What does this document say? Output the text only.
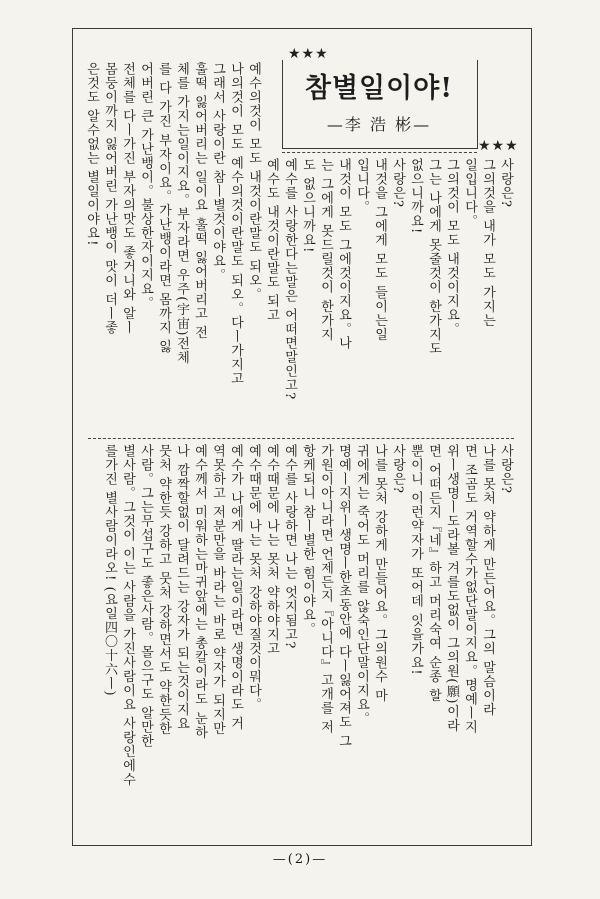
★★★
★★★
참별일이야!
—李 浩 彬—
사랑은?
그의것을 내가 모도 가지는
일입니다。
그의것이 모도 내것이지요。
그는 나에게 못줄것이 한가지도
없으니까요!
사랑은?
내것을 그에게 모도 들이는일
입니다。
내것이 모도 그에것이지요。나
는 그에게 못드릴것이 한가지
도 없으니까요!
예수를 사랑한다는말은 어떠면말인고?
예수도 내것이란말도 되고
예수의것이 모도 내것이란말도 되오。
나의것이 모도 예수의것이란말도 되오。다ㅣ가지고
그래서 사랑이란 참ㅣ별것이야요。
훌떡 잃어버리는 일이요 훌떡 잃어버리고 전
체를 가지는일이지요。부자라면 우주(宇宙)전체
를 다 가진 부자이요。가난뱅이라면 몸까지 잃
어버린 큰 가난뱅이。불상한자이지요。
전체를 다ㅣ가진 부자의맛도 좋거니와 알ㅣ
몸둥이까지 잃어버린 가난뱅이 맛이 더ㅣ좋
은것도 알수없는 별일이야요!
사랑은?
나를 못처 약하게 만든어요。그의 말슴이라
면 조곰도 거역할수가없단말이지요。명예ㅣ지
위ㅣ생명ㅣ도라볼 겨를도없이 그의원(願)이라
면 어떠든지『네』하고 머리숙여 순종 할
뿐이니 이런약자가 또어데 잇을가요!
사랑은?
나를 못처 강하게 만들어요。그의원수 마
귀에게는 죽어도 머리를 않숙인단말이지요。
명예ㅣ지위ㅣ생명ㅣ한초동안에 다ㅣ잃어져도 그
가원이아니라면 언제든지『아니다』고개를 저
항케되니 참ㅣ별한 힘이야요。
예수를 사랑하면 나는 엇지됨고?
예수때문에 나는 못처 약하야지고
예수때문에 나는 못처 강하야질것이뭐다。
예수가 나에게 딸라는일이라면 생명이라도 거
역못하고 저분만을 바라는 바로 약자가 되지만
예수께서 미워하는마귀앞에는 총칼이라도 눈하
나 깜짝할없이 달려드는 강자가 되는것이지요
뭇처 약한듯 강하고 뭇처 강하면서도 약한듯한
사람。그는무섭구도 좋은사람。몰으구도 알만한
별사람。그것이 이는 사람을 가진사람이요 사랑인에수
를가진 별사람이라오! (요일四〇十六ㅣ)
—(2)—
